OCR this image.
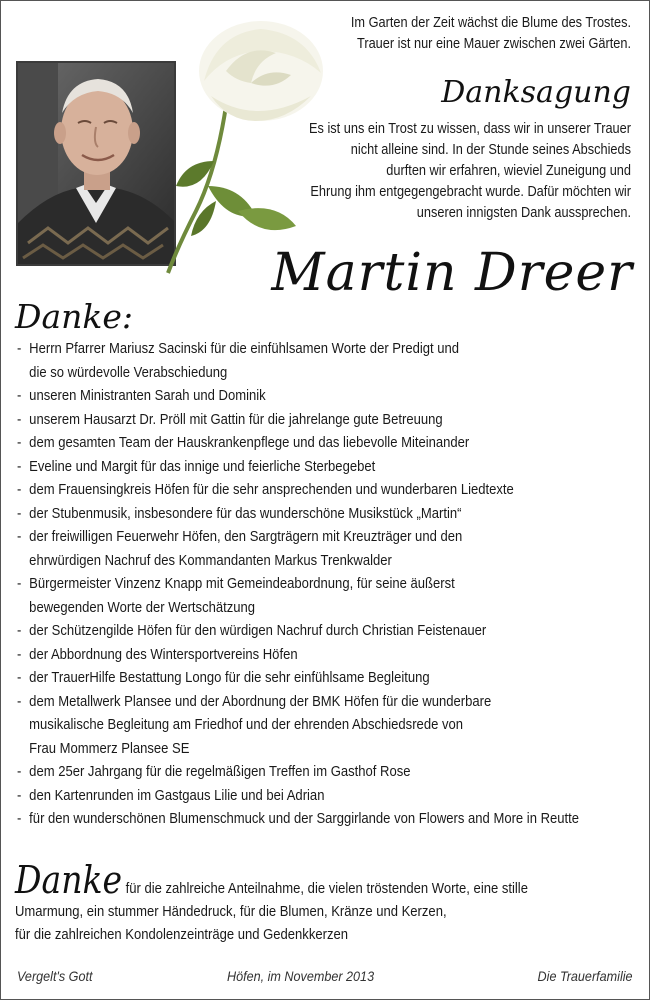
Im Garten der Zeit wächst die Blume des Trostes.
Trauer ist nur eine Mauer zwischen zwei Gärten.
Danksagung
Es ist uns ein Trost zu wissen, dass wir in unserer Trauer
nicht alleine sind. In der Stunde seines Abschieds
durften wir erfahren, wieviel Zuneigung und
Ehrung ihm entgegengebracht wurde. Dafür möchten wir
unseren innigsten Dank aussprechen.
Martin Dreer
Danke:
- Herrn Pfarrer Mariusz Sacinski für die einfühlsamen Worte der Predigt und
die so würdevolle Verabschiedung
- unseren Ministranten Sarah und Dominik
- unserem Hausarzt Dr. Pröll mit Gattin für die jahrelange gute Betreuung
- dem gesamten Team der Hauskrankenpflege und das liebevolle Miteinander
- Eveline und Margit für das innige und feierliche Sterbegebet
- dem Frauensingkreis Höfen für die sehr ansprechenden und wunderbaren Liedtexte
- der Stubenmusik, insbesondere für das wunderschöne Musikstück „Martin“
- der freiwilligen Feuerwehr Höfen, den Sargträgern mit Kreuzträger und den
ehrwürdigen Nachruf des Kommandanten Markus Trenkwalder
- Bürgermeister Vinzenz Knapp mit Gemeindeabordnung, für seine äußerst
bewegenden Worte der Wertschätzung
- der Schützengilde Höfen für den würdigen Nachruf durch Christian Feistenauer
- der Abbordnung des Wintersportvereins Höfen
- der TrauerHilfe Bestattung Longo für die sehr einfühlsame Begleitung
- dem Metallwerk Plansee und der Abordnung der BMK Höfen für die wunderbare
musikalische Begleitung am Friedhof und der ehrenden Abschiedsrede von
Frau Mommerz Plansee SE
- dem 25er Jahrgang für die regelmäßigen Treffen im Gasthof Rose
- den Kartenrunden im Gastgaus Lilie und bei Adrian
- für den wunderschönen Blumenschmuck und der Sarggirlande von Flowers and More in Reutte
Danke für die zahlreiche Anteilnahme, die vielen tröstenden Worte, eine stille
Umarmung, ein stummer Händedruck, für die Blumen, Kränze und Kerzen,
für die zahlreichen Kondolenzeinträge und Gedenkkerzen
Vergelt's Gott	Höfen, im November 2013	Die Trauerfamilie
